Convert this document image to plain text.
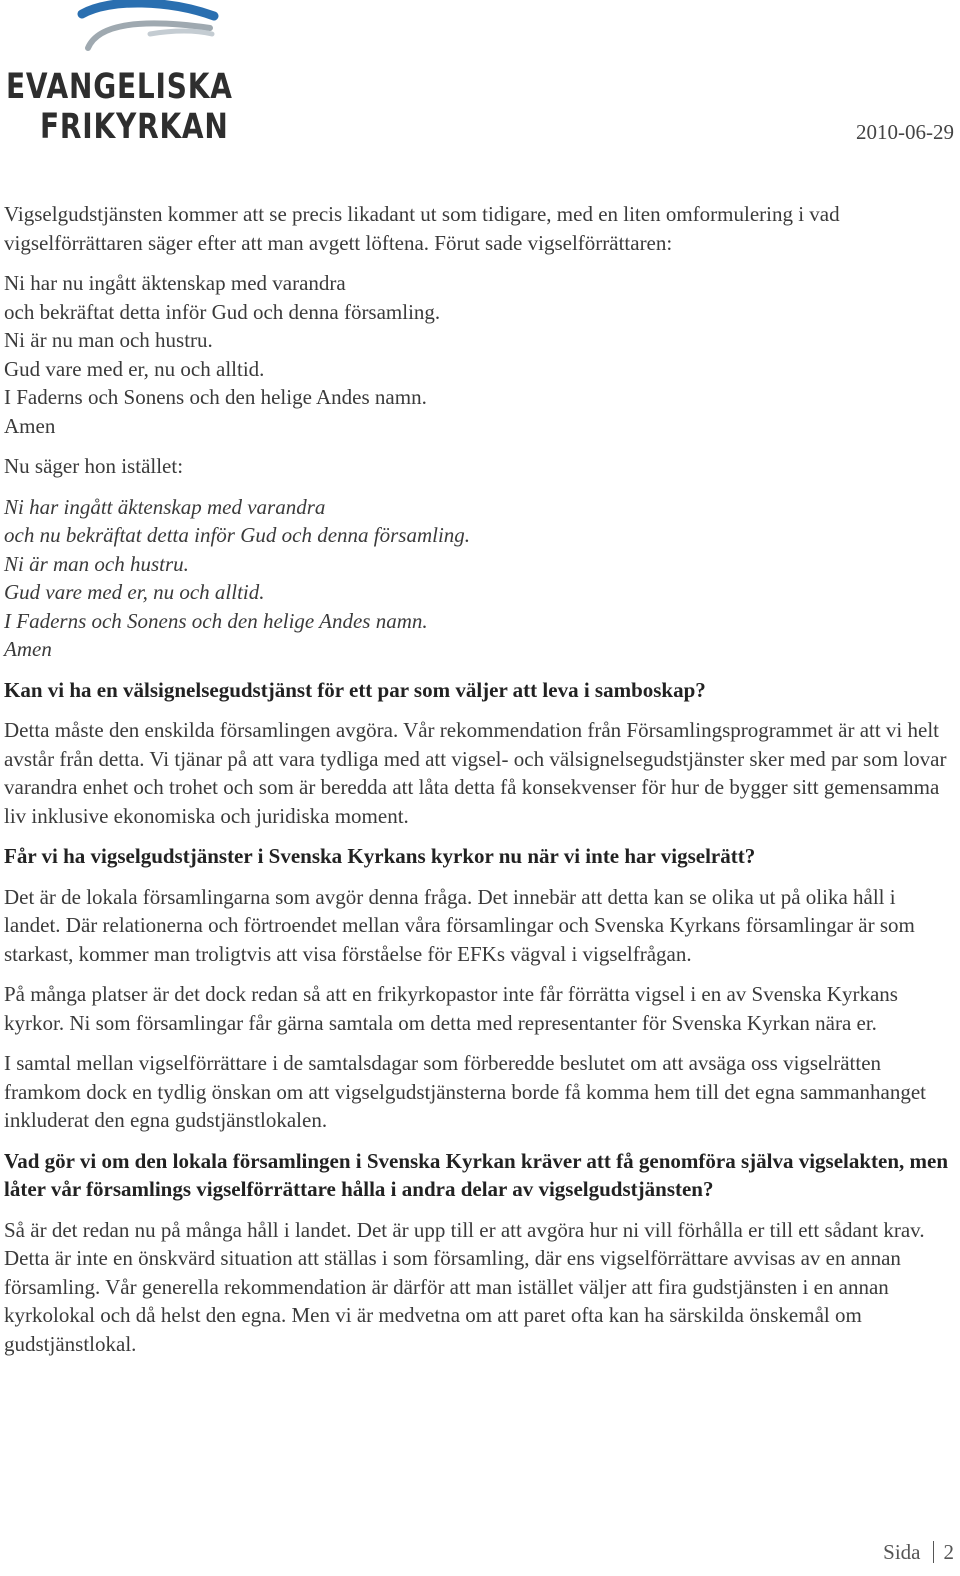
EVANGELISKA
FRIKYRKAN	2010-06-29

Vigselgudstjänsten kommer att se precis likadant ut som tidigare, med en liten omformulering i vad vigselförrättaren säger efter att man avgett löftena. Förut sade vigselförrättaren:

Ni har nu ingått äktenskap med varandra
och bekräftat detta inför Gud och denna församling.
Ni är nu man och hustru.
Gud vare med er, nu och alltid.
I Faderns och Sonens och den helige Andes namn.
Amen

Nu säger hon istället:

Ni har ingått äktenskap med varandra
och nu bekräftat detta inför Gud och denna församling.
Ni är man och hustru.
Gud vare med er, nu och alltid.
I Faderns och Sonens och den helige Andes namn.
Amen

Kan vi ha en välsignelsegudstjänst för ett par som väljer att leva i samboskap?

Detta måste den enskilda församlingen avgöra. Vår rekommendation från Församlingsprogrammet är att vi helt avstår från detta. Vi tjänar på att vara tydliga med att vigsel- och välsignelsegudstjänster sker med par som lovar varandra enhet och trohet och som är beredda att låta detta få konsekvenser för hur de bygger sitt gemensamma liv inklusive ekonomiska och juridiska moment.

Får vi ha vigselgudstjänster i Svenska Kyrkans kyrkor nu när vi inte har vigselrätt?

Det är de lokala församlingarna som avgör denna fråga. Det innebär att detta kan se olika ut på olika håll i landet. Där relationerna och förtroendet mellan våra församlingar och Svenska Kyrkans församlingar är som starkast, kommer man troligtvis att visa förståelse för EFKs vägval i vigselfrågan.

På många platser är det dock redan så att en frikyrkopastor inte får förrätta vigsel i en av Svenska Kyrkans kyrkor. Ni som församlingar får gärna samtala om detta med representanter för Svenska Kyrkan nära er.

I samtal mellan vigselförrättare i de samtalsdagar som förberedde beslutet om att avsäga oss vigselrätten framkom dock en tydlig önskan om att vigselgudstjänsterna borde få komma hem till det egna sammanhanget inkluderat den egna gudstjänstlokalen.

Vad gör vi om den lokala församlingen i Svenska Kyrkan kräver att få genomföra själva vigselakten, men låter vår församlings vigselförrättare hålla i andra delar av vigselgudstjänsten?

Så är det redan nu på många håll i landet. Det är upp till er att avgöra hur ni vill förhålla er till ett sådant krav. Detta är inte en önskvärd situation att ställas i som församling, där ens vigselförrättare avvisas av en annan församling. Vår generella rekommendation är därför att man istället väljer att fira gudstjänsten i en annan kyrkolokal och då helst den egna. Men vi är medvetna om att paret ofta kan ha särskilda önskemål om gudstjänstlokal.

Sida 2
